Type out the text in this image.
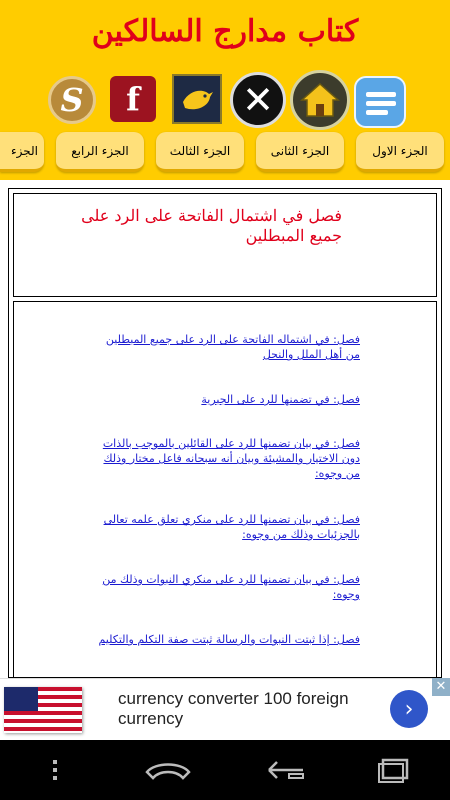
كتاب مدارج السالكين
✕
f
S
الجزء الاول
الجزء الثانى
الجزء الثالث
الجزء الرابع
الجزء
فصل في اشتمال الفاتحة على الرد على جميع المبطلين
فصل: في اشتماله الفاتحة على الرد على جميع المبطلين من أهل الملل والنحل
فصل: في تضمنها للرد على الجبرية
فصل: في بيان تضمنها للرد على القائلين بالموجب بالذات دون الاختيار والمشيئة وبيان أنه سبحانه فاعل مختار وذلك من وجوه:
فصل: في بيان تضمنها للرد على منكري تعلق علمه تعالى بالجزئيات وذلك من وجوه:
فصل: في بيان تضمنها للرد على منكري النبوات وذلك من وجوه:
فصل: إذا ثبتت النبوات والرسالة ثبتت صفة التكلم والتكليم
currency converter 100 foreign currency	›
✕
